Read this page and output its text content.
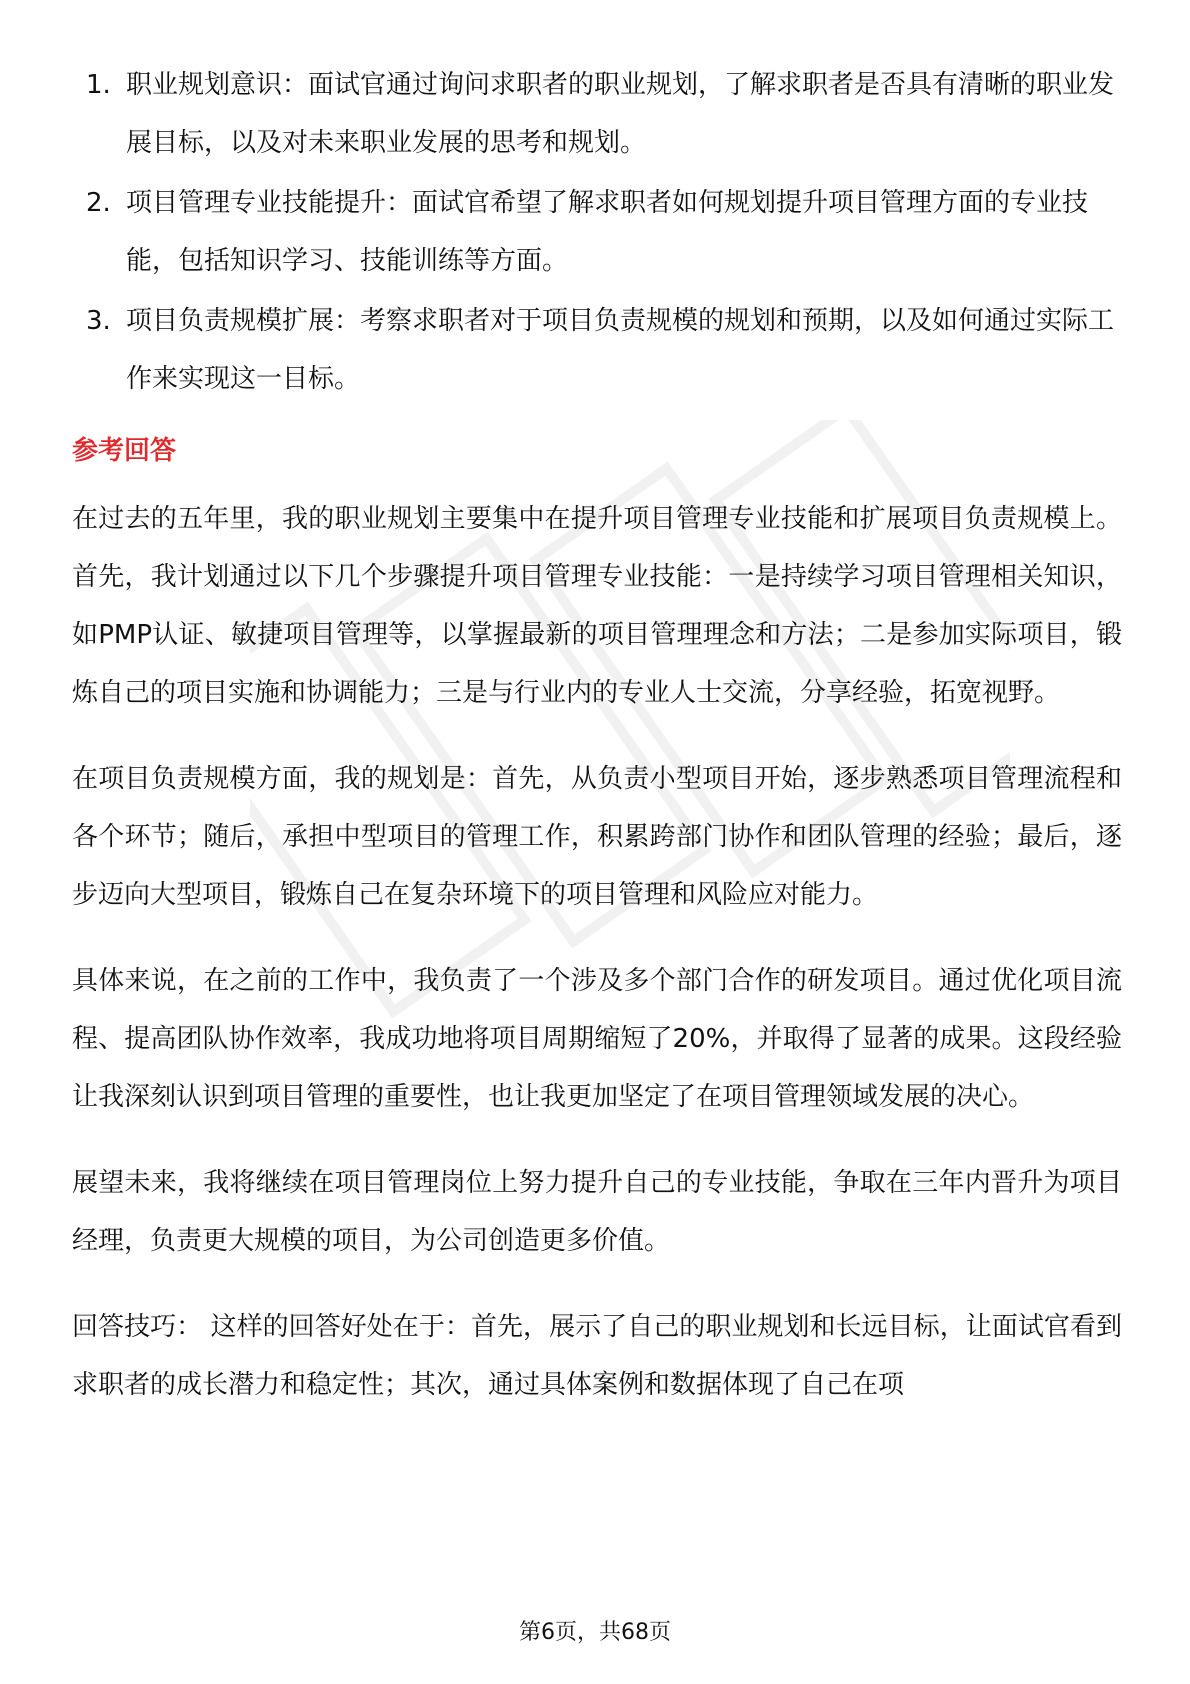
1. 职业规划意识：面试官通过询问求职者的职业规划，了解求职者是否具有清晰的职业发展目标，以及对未来职业发展的思考和规划。
2. 项目管理专业技能提升：面试官希望了解求职者如何规划提升项目管理方面的专业技能，包括知识学习、技能训练等方面。
3. 项目负责规模扩展：考察求职者对于项目负责规模的规划和预期，以及如何通过实际工作来实现这一目标。
参考回答

在过去的五年里，我的职业规划主要集中在提升项目管理专业技能和扩展项目负责规模上。首先，我计划通过以下几个步骤提升项目管理专业技能：一是持续学习项目管理相关知识，如PMP认证、敏捷项目管理等，以掌握最新的项目管理理念和方法；二是参加实际项目，锻炼自己的项目实施和协调能力；三是与行业内的专业人士交流，分享经验，拓宽视野。

在项目负责规模方面，我的规划是：首先，从负责小型项目开始，逐步熟悉项目管理流程和各个环节；随后，承担中型项目的管理工作，积累跨部门协作和团队管理的经验；最后，逐步迈向大型项目，锻炼自己在复杂环境下的项目管理和风险应对能力。

具体来说，在之前的工作中，我负责了一个涉及多个部门合作的研发项目。通过优化项目流程、提高团队协作效率，我成功地将项目周期缩短了20%，并取得了显著的成果。这段经验让我深刻认识到项目管理的重要性，也让我更加坚定了在项目管理领域发展的决心。

展望未来，我将继续在项目管理岗位上努力提升自己的专业技能，争取在三年内晋升为项目经理，负责更大规模的项目，为公司创造更多价值。

回答技巧： 这样的回答好处在于：首先，展示了自己的职业规划和长远目标，让面试官看到求职者的成长潜力和稳定性；其次，通过具体案例和数据体现了自己在项

第6页，共68页
